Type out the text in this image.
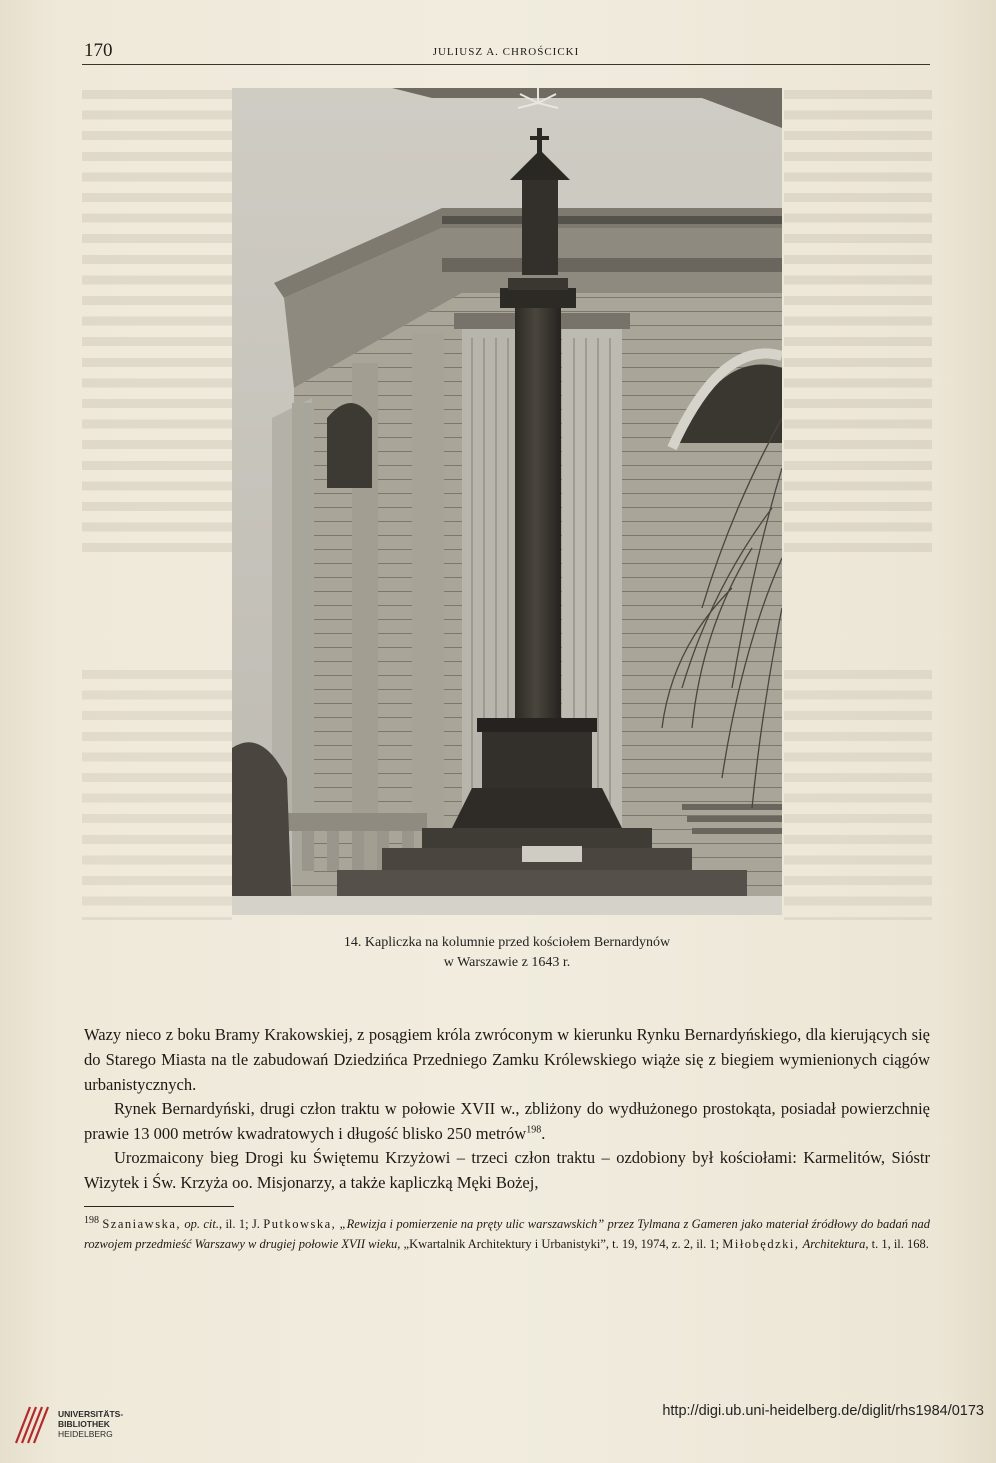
170	JULIUSZ A. CHROŚCICKI
14. Kapliczka na kolumnie przed kościołem Bernardynów
w Warszawie z 1643 r.

Wazy nieco z boku Bramy Krakowskiej, z posągiem króla zwróconym w kierunku Rynku Bernardyńskiego, dla kierujących się do Starego Miasta na tle zabudowań Dziedzińca Przedniego Zamku Królewskiego wiąże się z biegiem wymienionych ciągów urbanistycznych.

Rynek Bernardyński, drugi człon traktu w połowie XVII w., zbliżony do wydłużonego prostokąta, posiadał powierzchnię prawie 13 000 metrów kwadratowych i długość blisko 250 metrów$^{198}$.

Urozmaicony bieg Drogi ku Świętemu Krzyżowi – trzeci człon traktu – ozdobiony był kościołami: Karmelitów, Sióstr Wizytek i Św. Krzyża oo. Misjonarzy, a także kapliczką Męki Bożej,

$^{198}$ Szaniawska, op. cit., il. 1; J. Putkowska, „Rewizja i pomierzenie na pręty ulic warszawskich” przez Tylmana z Gameren jako materiał źródłowy do badań nad rozwojem przedmieść Warszawy w drugiej połowie XVII wieku, „Kwartalnik Architektury i Urbanistyki”, t. 19, 1974, z. 2, il. 1; Miłobędzki, Architektura, t. 1, il. 168.

UNIVERSITÄTS-
BIBLIOTHEK
HEIDELBERG
http://digi.ub.uni-heidelberg.de/diglit/rhs1984/0173
